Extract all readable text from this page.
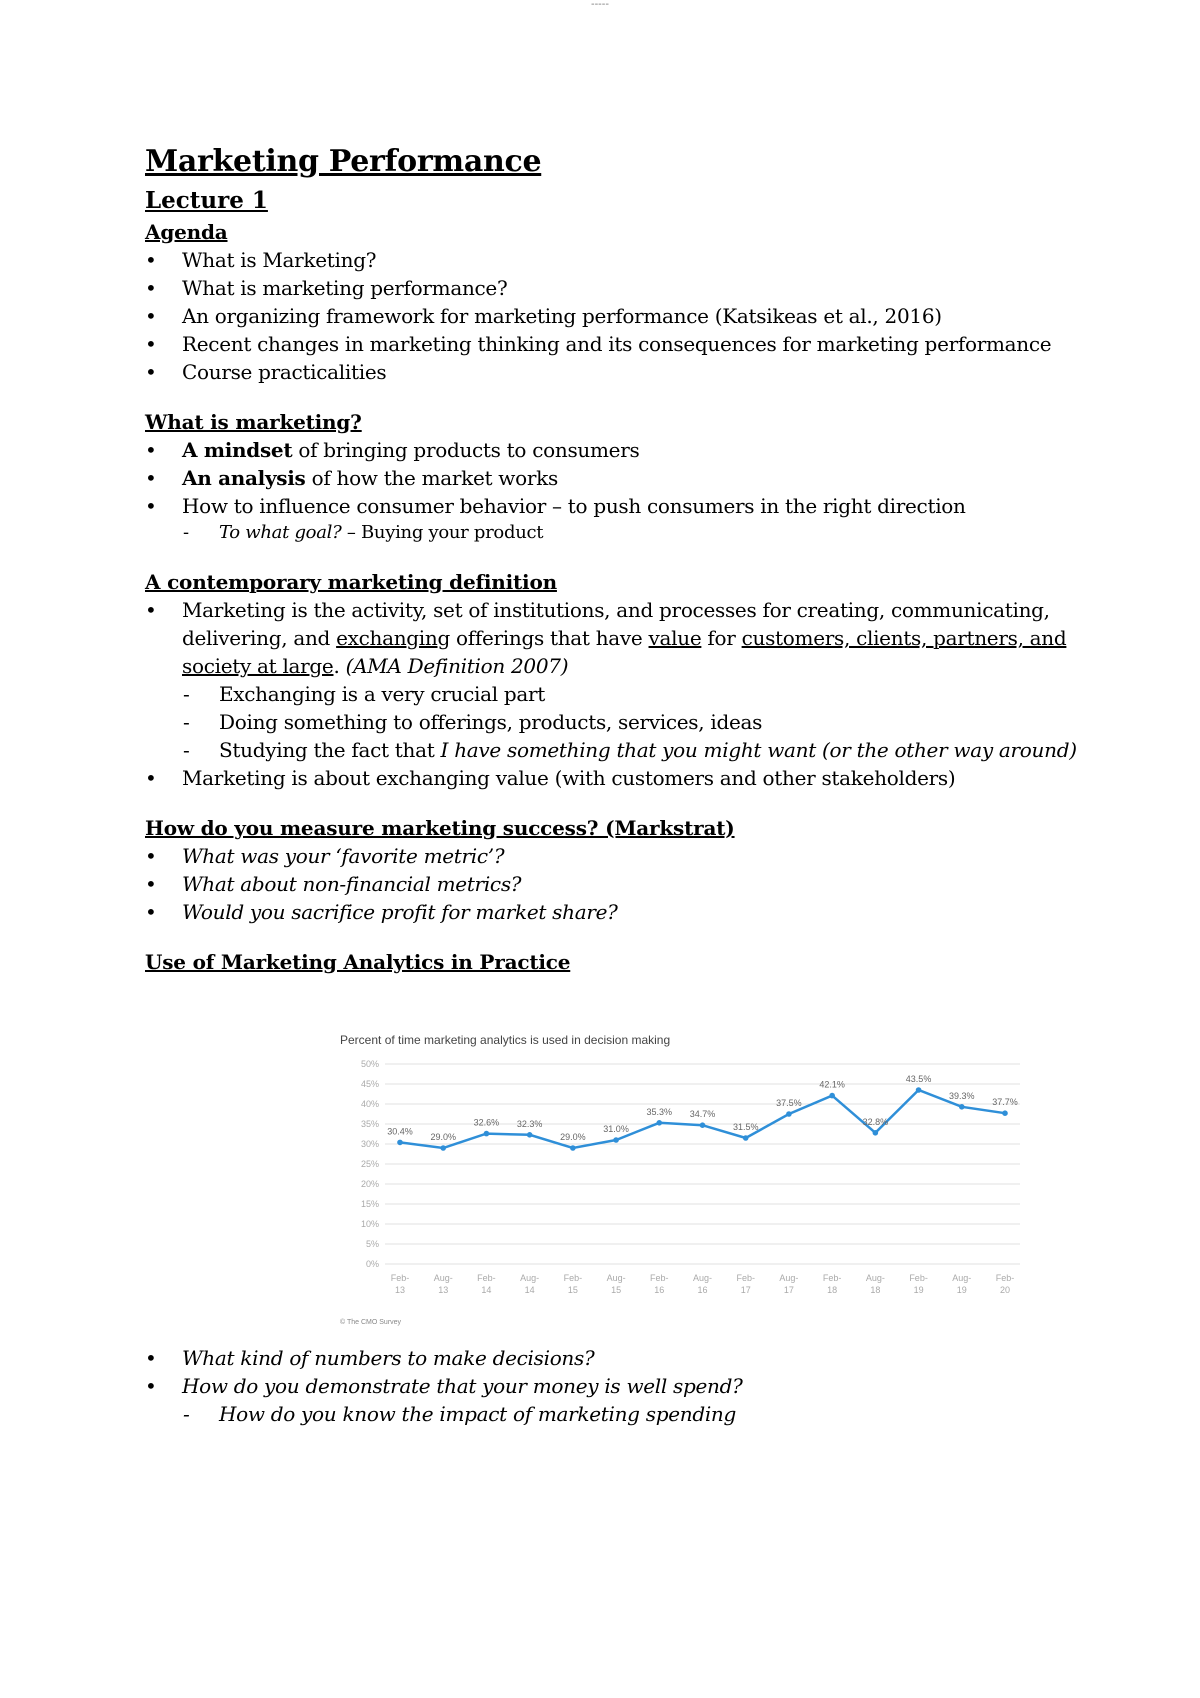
-----
Marketing Performance
Lecture 1
Agenda
• What is Marketing?
• What is marketing performance?
• An organizing framework for marketing performance (Katsikeas et al., 2016)
• Recent changes in marketing thinking and its consequences for marketing performance
• Course practicalities
What is marketing?
• A mindset of bringing products to consumers
• An analysis of how the market works
• How to influence consumer behavior – to push consumers in the right direction
- To what goal? – Buying your product
A contemporary marketing definition
• Marketing is the activity, set of institutions, and processes for creating, communicating, delivering, and exchanging offerings that have value for customers, clients, partners, and society at large. (AMA Definition 2007)
- Exchanging is a very crucial part
- Doing something to offerings, products, services, ideas
- Studying the fact that I have something that you might want (or the other way around)
• Marketing is about exchanging value (with customers and other stakeholders)
How do you measure marketing success? (Markstrat)
• What was your ‘favorite metric’?
• What about non-financial metrics?
• Would you sacrifice profit for market share?
Use of Marketing Analytics in Practice
Percent of time marketing analytics is used in decision making
0%
5%
10%
15%
20%
25%
30%
35%
40%
45%
50%
Feb-
13
Aug-
13
Feb-
14
Aug-
14
Feb-
15
Aug-
15
Feb-
16
Aug-
16
Feb-
17
Aug-
17
Feb-
18
Aug-
18
Feb-
19
Aug-
19
Feb-
20
30.4%
29.0%
32.6% 32.3%
29.0%
31.0%
35.3% 34.7%
31.5%
37.5%
42.1%
32.8%
43.5%
39.3%
37.7%
© The CMO Survey
• What kind of numbers to make decisions?
• How do you demonstrate that your money is well spend?
- How do you know the impact of marketing spending
